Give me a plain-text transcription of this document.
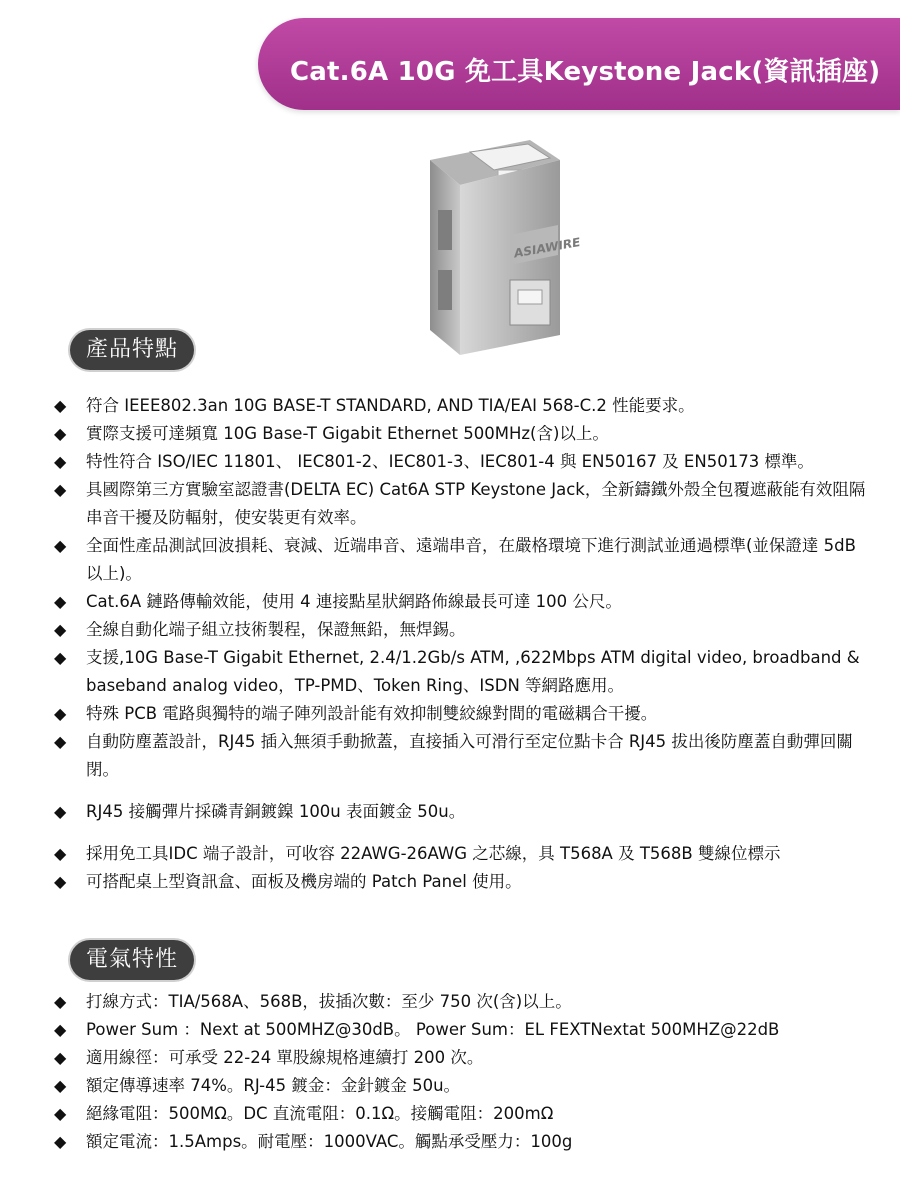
Cat.6A 10G 免工具Keystone Jack(資訊插座)
ASIAWIRE
產品特點
◆ 符合 IEEE802.3an 10G BASE-T STANDARD, AND TIA/EAI 568-C.2 性能要求。
◆ 實際支援可達頻寬 10G Base-T Gigabit Ethernet 500MHz(含)以上。
◆ 特性符合 ISO/IEC 11801、 IEC801-2、IEC801-3、IEC801-4 與 EN50167 及 EN50173 標準。
◆ 具國際第三方實驗室認證書(DELTA EC) Cat6A STP Keystone Jack，全新鑄鐵外殼全包覆遮蔽能有效阻隔串音干擾及防輻射，使安裝更有效率。
◆ 全面性產品測試回波損耗、衰減、近端串音、遠端串音，在嚴格環境下進行測試並通過標準(並保證達 5dB 以上)。
◆ Cat.6A 鏈路傳輸效能，使用 4 連接點星狀網路佈線最長可達 100 公尺。
◆ 全線自動化端子組立技術製程，保證無鉛，無焊錫。
◆ 支援,10G Base-T Gigabit Ethernet, 2.4/1.2Gb/s ATM, ,622Mbps ATM digital video, broadband & baseband analog video，TP-PMD、Token Ring、ISDN 等網路應用。
◆ 特殊 PCB 電路與獨特的端子陣列設計能有效抑制雙絞線對間的電磁耦合干擾。
◆ 自動防塵蓋設計，RJ45 插入無須手動掀蓋，直接插入可滑行至定位點卡合 RJ45 拔出後防塵蓋自動彈回關閉。
◆ RJ45 接觸彈片採磷青銅鍍鎳 100u 表面鍍金 50u。
◆ 採用免工具IDC 端子設計，可收容 22AWG-26AWG 之芯線，具 T568A 及 T568B 雙線位標示
◆ 可搭配桌上型資訊盒、面板及機房端的 Patch Panel 使用。
電氣特性
◆ 打線方式：TIA/568A、568B，拔插次數：至少 750 次(含)以上。
◆ Power Sum ：Next at 500MHZ@30dB。 Power Sum：EL FEXTNextat 500MHZ@22dB
◆ 適用線徑：可承受 22-24 單股線規格連續打 200 次。
◆ 額定傳導速率 74%。RJ-45 鍍金：金針鍍金 50u。
◆ 絕緣電阻：500MΩ。DC 直流電阻：0.1Ω。接觸電阻：200mΩ
◆ 額定電流：1.5Amps。耐電壓：1000VAC。觸點承受壓力：100g
